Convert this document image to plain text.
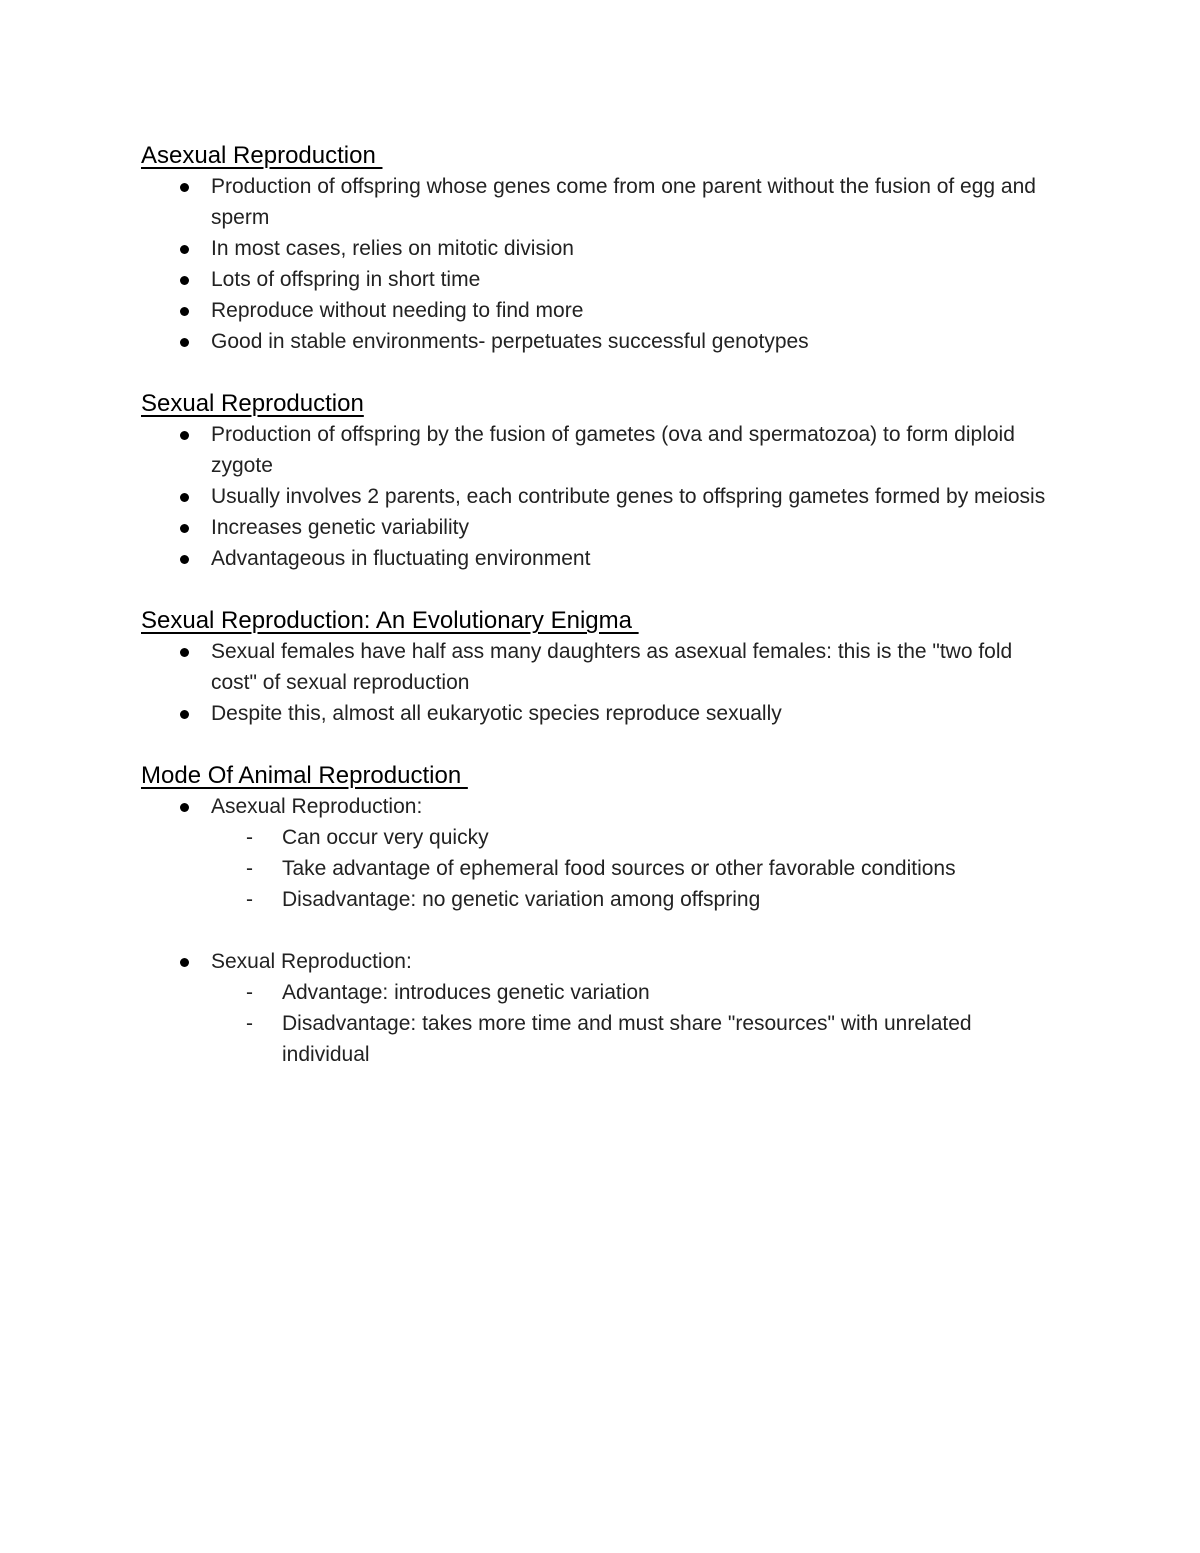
Asexual Reproduction
Production of offspring whose genes come from one parent without the fusion of egg and sperm
In most cases, relies on mitotic division
Lots of offspring in short time
Reproduce without needing to find more
Good in stable environments- perpetuates successful genotypes
Sexual Reproduction
Production of offspring by the fusion of gametes (ova and spermatozoa) to form diploid zygote
Usually involves 2 parents, each contribute genes to offspring gametes formed by meiosis
Increases genetic variability
Advantageous in fluctuating environment
Sexual Reproduction: An Evolutionary Enigma
Sexual females have half ass many daughters as asexual females: this is the "two fold cost" of sexual reproduction
Despite this, almost all eukaryotic species reproduce sexually
Mode Of Animal Reproduction
Asexual Reproduction:
- Can occur very quicky
- Take advantage of ephemeral food sources or other favorable conditions
- Disadvantage: no genetic variation among offspring
Sexual Reproduction:
- Advantage: introduces genetic variation
- Disadvantage: takes more time and must share "resources" with unrelated individual
